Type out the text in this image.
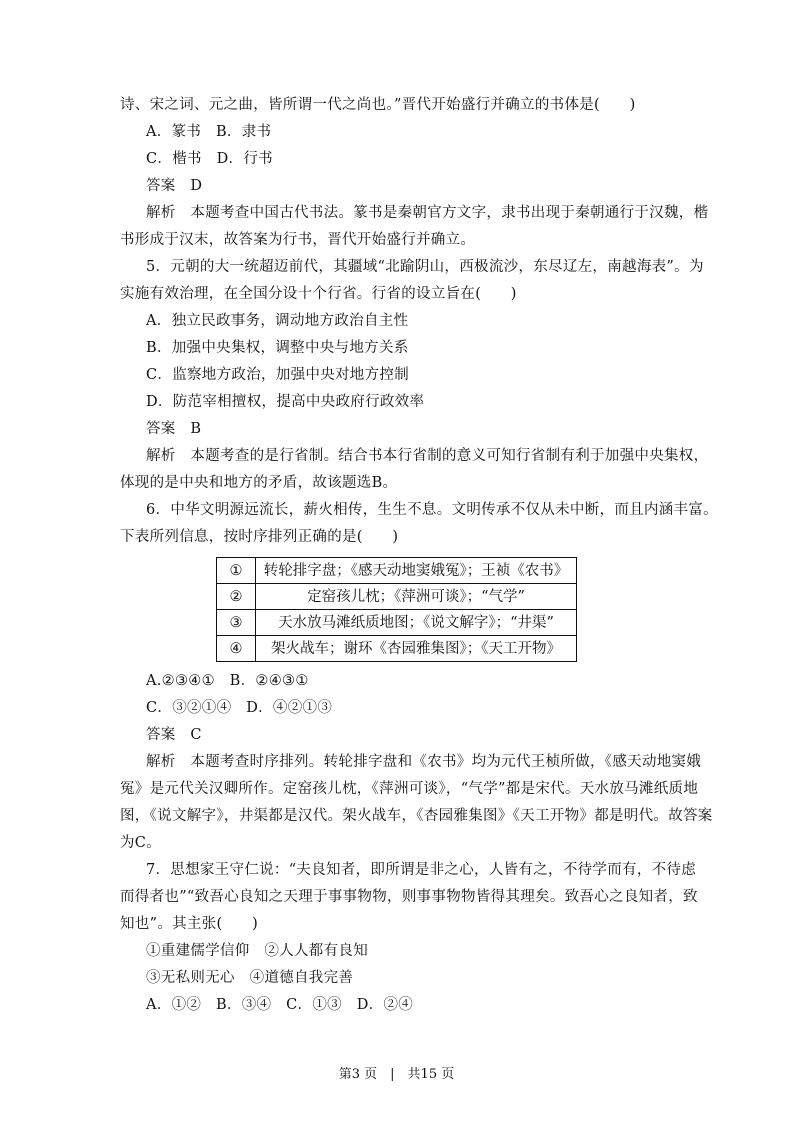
诗、宋之词、元之曲，皆所谓一代之尚也。”晋代开始盛行并确立的书体是(　　)
A．篆书　B．隶书
C．楷书　D．行书
答案　D
解析　本题考查中国古代书法。篆书是秦朝官方文字，隶书出现于秦朝通行于汉魏，楷
书形成于汉末，故答案为行书，晋代开始盛行并确立。
5．元朝的大一统超迈前代，其疆域“北踰阴山，西极流沙，东尽辽左，南越海表”。为
实施有效治理，在全国分设十个行省。行省的设立旨在(　　)
A．独立民政事务，调动地方政治自主性
B．加强中央集权，调整中央与地方关系
C．监察地方政治，加强中央对地方控制
D．防范宰相擅权，提高中央政府行政效率
答案　B
解析　本题考查的是行省制。结合书本行省制的意义可知行省制有利于加强中央集权，
体现的是中央和地方的矛盾，故该题选B。
6．中华文明源远流长，薪火相传，生生不息。文明传承不仅从未中断，而且内涵丰富。
下表所列信息，按时序排列正确的是(　　)
①	转轮排字盘；《感天动地窦娥冤》；王祯《农书》
②	定窑孩儿枕；《萍洲可谈》；“气学”
③	天水放马滩纸质地图；《说文解字》；“井渠”
④	架火战车；谢环《杏园雅集图》；《天工开物》
A.②③④①　B．②④③①
C．③②①④　D．④②①③
答案　C
解析　本题考查时序排列。转轮排字盘和《农书》均为元代王桢所做，《感天动地窦娥
冤》是元代关汉卿所作。定窑孩儿枕，《萍洲可谈》，“气学”都是宋代。天水放马滩纸质地
图，《说文解字》，井渠都是汉代。架火战车，《杏园雅集图》《天工开物》都是明代。故答案
为C。
7．思想家王守仁说：“夫良知者，即所谓是非之心，人皆有之，不待学而有，不待虑
而得者也”“致吾心良知之天理于事事物物，则事事物物皆得其理矣。致吾心之良知者，致
知也”。其主张(　　)
①重建儒学信仰　②人人都有良知
③无私则无心　④道德自我完善
A．①②　B．③④　C．①③　D．②④
第3 页　|　共15 页
